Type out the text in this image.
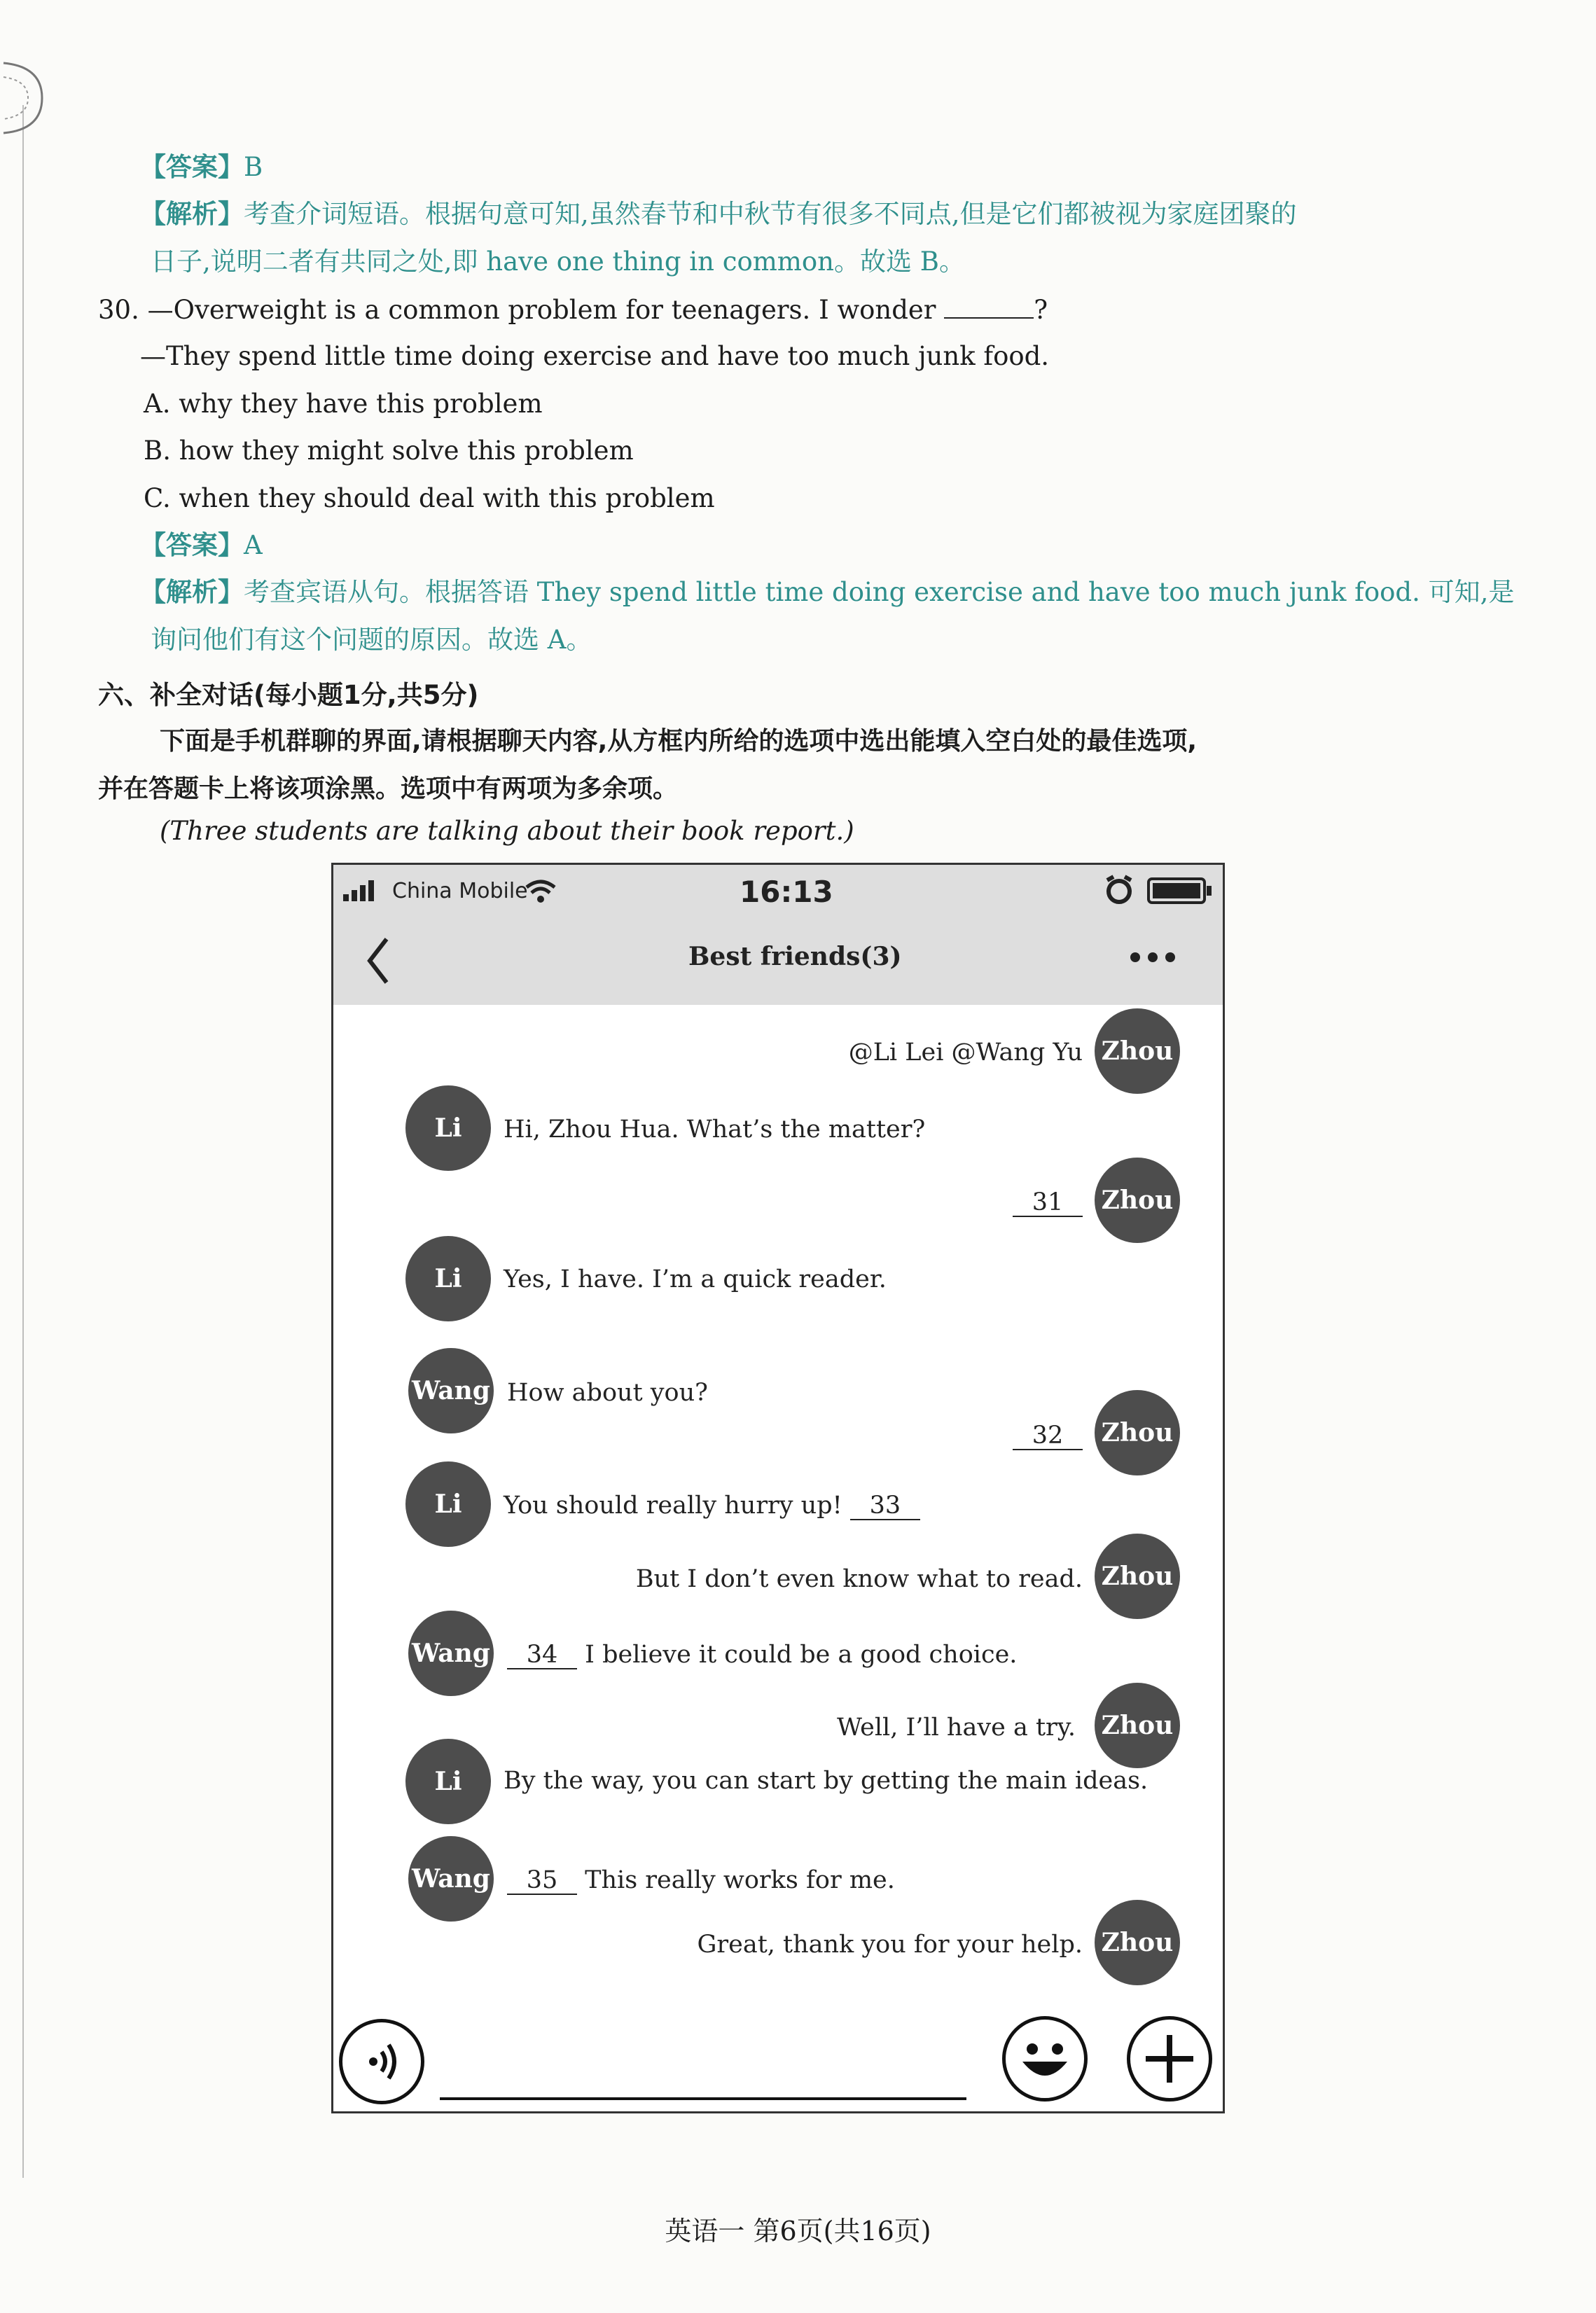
【答案】B
【解析】考查介词短语。根据句意可知,虽然春节和中秋节有很多不同点,但是它们都被视为家庭团聚的
日子,说明二者有共同之处,即 have one thing in common。故选 B。
30. —Overweight is a common problem for teenagers. I wonder	?
—They spend little time doing exercise and have too much junk food.
A. why they have this problem
B. how they might solve this problem
C. when they should deal with this problem
【答案】A
【解析】考查宾语从句。根据答语 They spend little time doing exercise and have too much junk food. 可知,是
询问他们有这个问题的原因。故选 A。
六、补全对话(每小题1分,共5分)
下面是手机群聊的界面,请根据聊天内容,从方框内所给的选项中选出能填入空白处的最佳选项,
并在答题卡上将该项涂黑。选项中有两项为多余项。
(Three students are talking about their book report.)
China Mobile	16:13
Best friends(3)
Zhou
@Li Lei @Wang Yu
Li	Hi, Zhou Hua. What’s the matter?
Zhou
31
Li	Yes, I have. I’m a quick reader.
Wang How about you?
Zhou
32
Li	You should really hurry up! 33
Zhou
But I don’t even know what to read.
Wang	34 I believe it could be a good choice.
Zhou
Well, I’ll have a try.
Li	By the way, you can start by getting the main ideas.
Wang	35 This really works for me.
Zhou
Great, thank you for your help.
英语一 第6页(共16页)
